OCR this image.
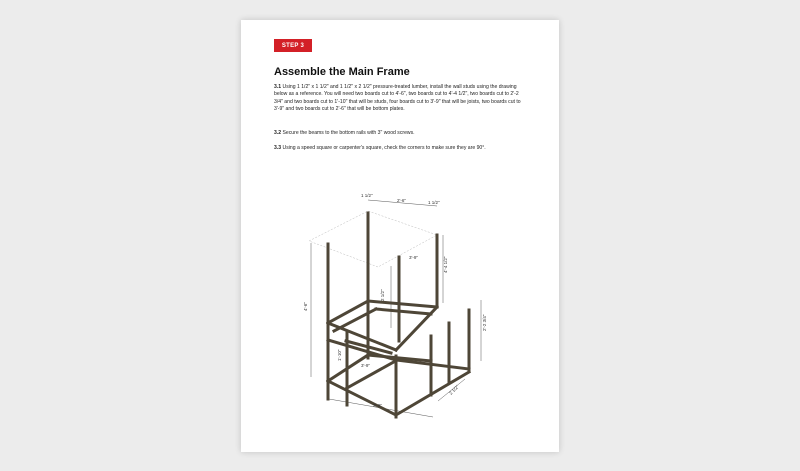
STEP 3
Assemble the Main Frame

3.1 Using 1 1/2" x 1 1/2" and 1 1/2" x 2 1/2" pressure-treated lumber, install the wall studs using the drawing below as a reference. You will need two boards cut to 4'-6", two boards cut to 4'-4 1/2", two boards cut to 2'-2 3/4" and two boards cut to 1'-10" that will be studs, four boards cut to 3'-9" that will be joists, two boards cut to 3'-9" and two boards cut to 2'-6" that will be bottom plates.

3.2 Secure the beams to the bottom rails with 3" wood screws.

3.3 Using a speed square or carpenter's square, check the corners to make sure they are 90°.

1 1/2"
2'-6"	1 1/2"
3'-9"	4'-4 1/2"
2 1/2"
4'-6"
1'-10"
3'-9"
2'-2 3/4"
2 1/2"
3'-9"
